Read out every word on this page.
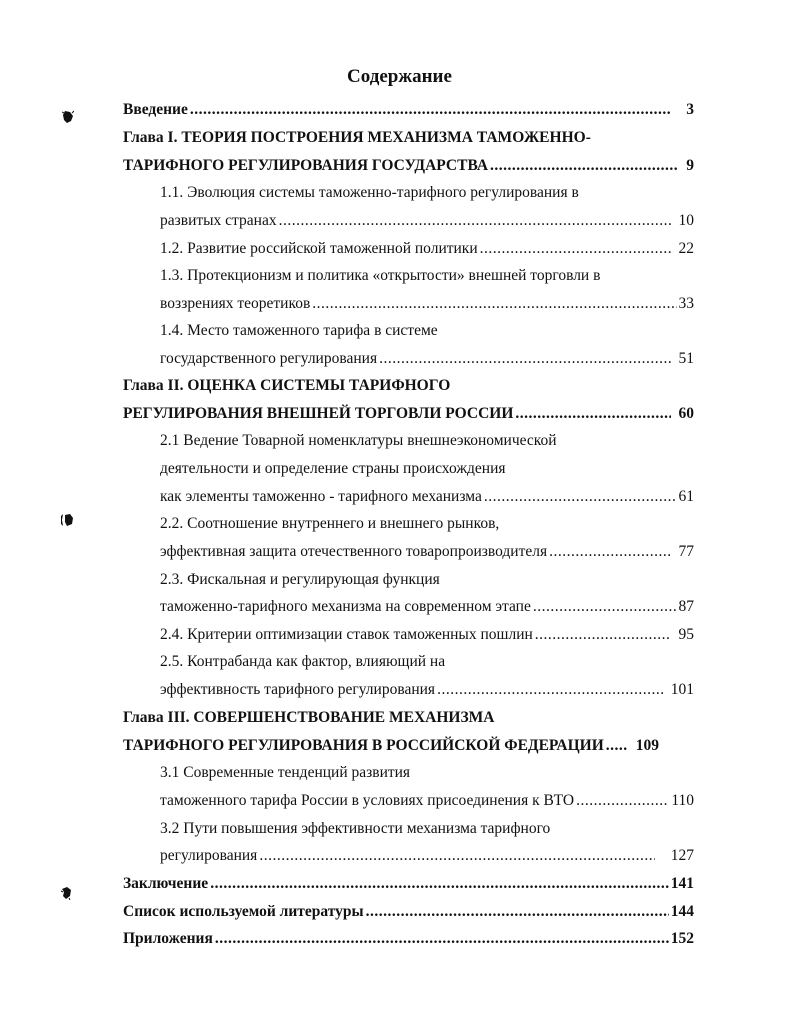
Содержание
Введение .....	3
Глава I. ТЕОРИЯ ПОСТРОЕНИЯ МЕХАНИЗМА ТАМОЖЕННО-
ТАРИФНОГО РЕГУЛИРОВАНИЯ ГОСУДАРСТВА .....	9
1.1. Эволюция системы таможенно-тарифного регулирования в
развитых странах .....	10
1.2. Развитие российской таможенной политики .....	22
1.3. Протекционизм и политика «открытости» внешней торговли в
воззрениях теоретиков .....	33
1.4. Место таможенного тарифа в системе
государственного регулирования .....	51
Глава II. ОЦЕНКА СИСТЕМЫ ТАРИФНОГО
РЕГУЛИРОВАНИЯ ВНЕШНЕЙ ТОРГОВЛИ РОССИИ .....	60
2.1 Ведение Товарной номенклатуры внешнеэкономической
деятельности и определение страны происхождения
как элементы таможенно - тарифного механизма .....	61
2.2. Соотношение внутреннего и внешнего рынков,
эффективная защита отечественного товаропроизводителя .....	77
2.3. Фискальная и регулирующая функция
таможенно-тарифного механизма на современном этапе .....	87
2.4. Критерии оптимизации ставок таможенных пошлин .....	95
2.5. Контрабанда как фактор, влияющий на
эффективность тарифного регулирования .....	101
Глава III. СОВЕРШЕНСТВОВАНИЕ МЕХАНИЗМА
ТАРИФНОГО РЕГУЛИРОВАНИЯ В РОССИЙСКОЙ ФЕДЕРАЦИИ .....	109
3.1 Современные тенденций развития
таможенного тарифа России в условиях присоединения к ВТО .....	110
3.2 Пути повышения эффективности механизма тарифного
регулирования .....	127
Заключение .....	141
Список используемой литературы .....	144
Приложения .....	152
